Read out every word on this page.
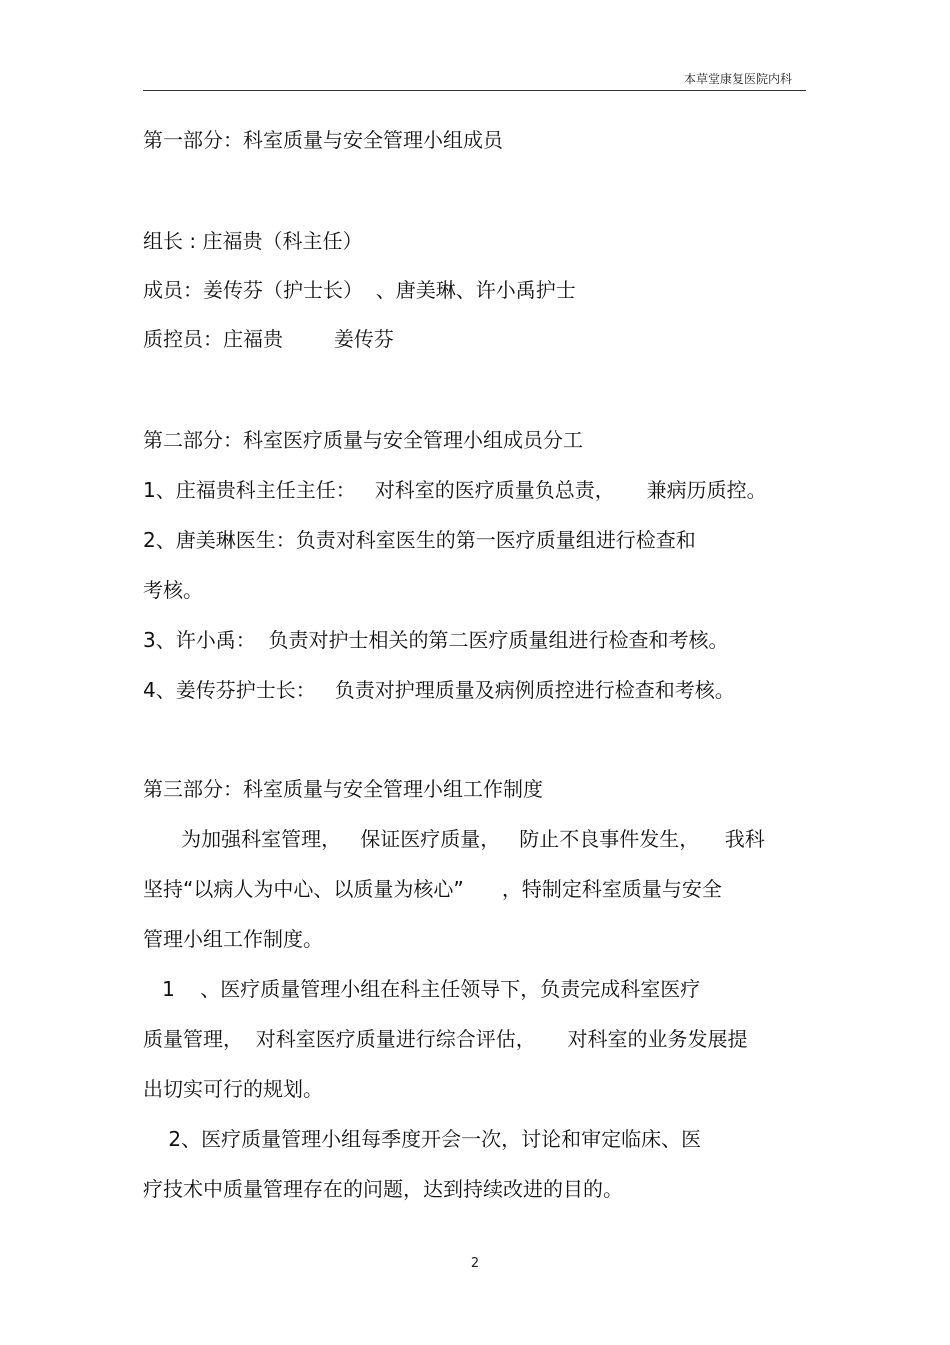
本草堂康复医院内科
第一部分：科室质量与安全管理小组成员
组长 : 庄福贵（科主任）
成员：姜传芬（护士长）  、唐美琳、许小禹护士
质控员：庄福贵        姜传芬
第二部分：科室医疗质量与安全管理小组成员分工
1、庄福贵科主任主任：   对科室的医疗质量负总责，     兼病历质控。
2、唐美琳医生：负责对科室医生的第一医疗质量组进行检查和
考核。
3、许小禹：  负责对护士相关的第二医疗质量组进行检查和考核。
4、姜传芬护士长：   负责对护理质量及病例质控进行检查和考核。
第三部分：科室质量与安全管理小组工作制度
为加强科室管理，   保证医疗质量，   防止不良事件发生，    我科
坚持“以病人为中心、以质量为核心”      ，特制定科室质量与安全
管理小组工作制度。
1    、医疗质量管理小组在科主任领导下，负责完成科室医疗
质量管理，  对科室医疗质量进行综合评估，     对科室的业务发展提
出切实可行的规划。
2、医疗质量管理小组每季度开会一次，讨论和审定临床、医
疗技术中质量管理存在的问题，达到持续改进的目的。
2
